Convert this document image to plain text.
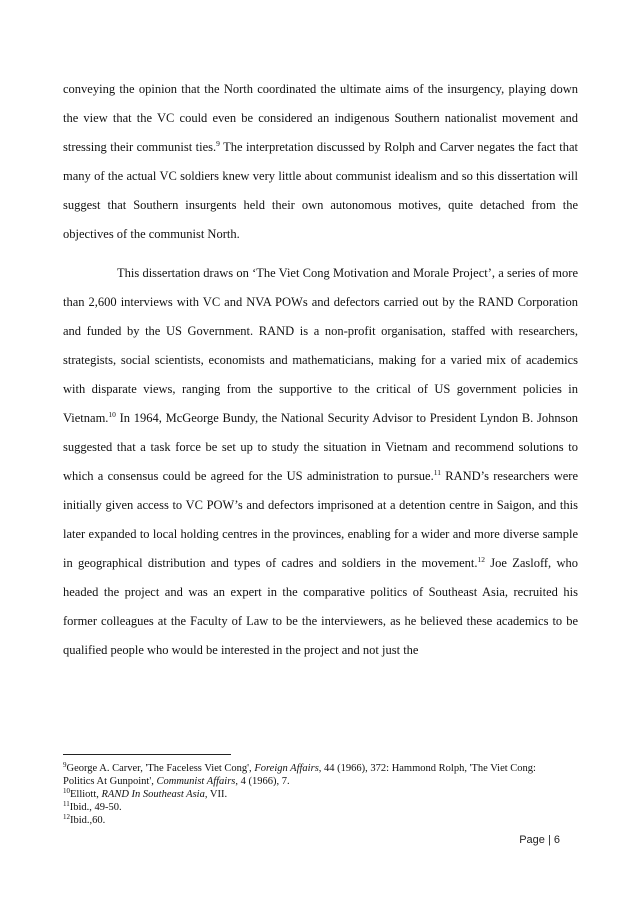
conveying the opinion that the North coordinated the ultimate aims of the insurgency, playing down the view that the VC could even be considered an indigenous Southern nationalist movement and stressing their communist ties.$^9$ The interpretation discussed by Rolph and Carver negates the fact that many of the actual VC soldiers knew very little about communist idealism and so this dissertation will suggest that Southern insurgents held their own autonomous motives, quite detached from the objectives of the communist North.

This dissertation draws on ‘The Viet Cong Motivation and Morale Project’, a series of more than 2,600 interviews with VC and NVA POWs and defectors carried out by the RAND Corporation and funded by the US Government. RAND is a non-profit organisation, staffed with researchers, strategists, social scientists, economists and mathematicians, making for a varied mix of academics with disparate views, ranging from the supportive to the critical of US government policies in Vietnam.$^{10}$ In 1964, McGeorge Bundy, the National Security Advisor to President Lyndon B. Johnson suggested that a task force be set up to study the situation in Vietnam and recommend solutions to which a consensus could be agreed for the US administration to pursue.$^{11}$ RAND’s researchers were initially given access to VC POW’s and defectors imprisoned at a detention centre in Saigon, and this later expanded to local holding centres in the provinces, enabling for a wider and more diverse sample in geographical distribution and types of cadres and soldiers in the movement.$^{12}$ Joe Zasloff, who headed the project and was an expert in the comparative politics of Southeast Asia, recruited his former colleagues at the Faculty of Law to be the interviewers, as he believed these academics to be qualified people who would be interested in the project and not just the

$^9$George A. Carver, 'The Faceless Viet Cong', Foreign Affairs, 44 (1966), 372: Hammond Rolph, 'The Viet Cong: Politics At Gunpoint', Communist Affairs, 4 (1966), 7.
$^{10}$Elliott, RAND In Southeast Asia, VII.
$^{11}$Ibid., 49-50.
$^{12}$Ibid.,60.
Page | 6
